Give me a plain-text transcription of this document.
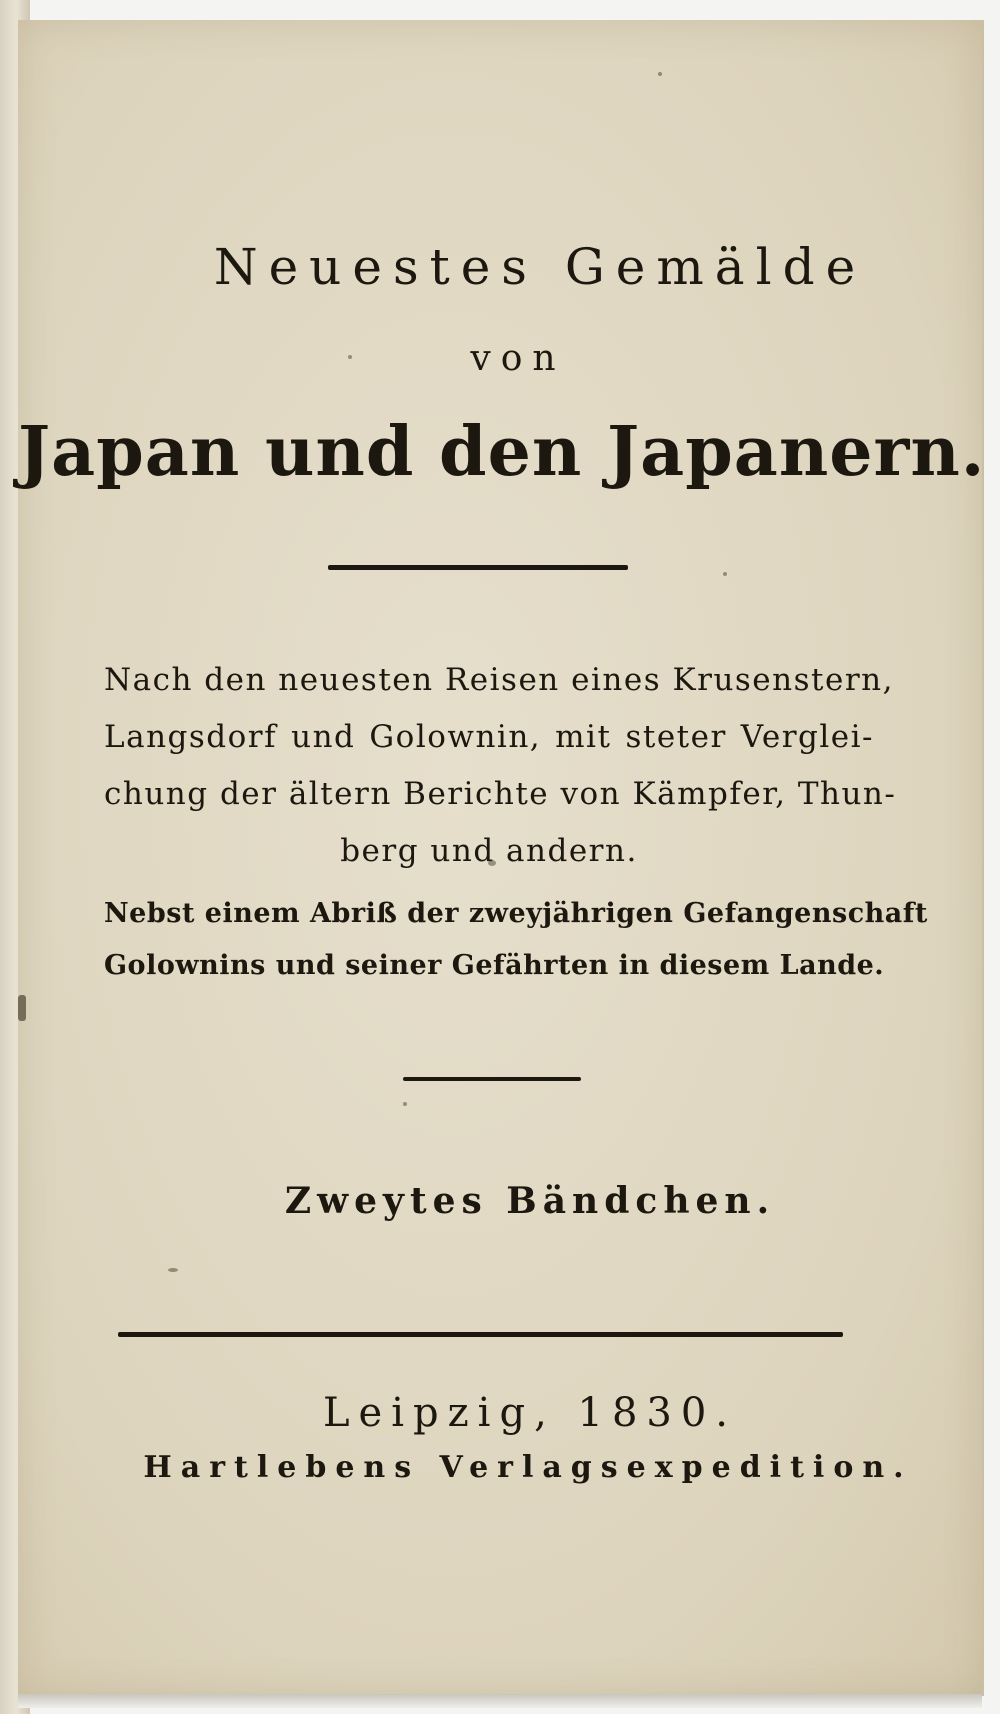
Neuestes Gemälde
von
Japan und den Japanern.
Nach den neuesten Reisen eines Krusenstern,
Langsdorf und Golownin, mit steter Verglei-
chung der ältern Berichte von Kämpfer, Thun-
berg und andern.
Nebst einem Abriß der zweyjährigen Gefangenschaft
Golownins und seiner Gefährten in diesem Lande.
Zweytes Bändchen.
Leipzig, 1830.
Hartlebens Verlagsexpedition.
